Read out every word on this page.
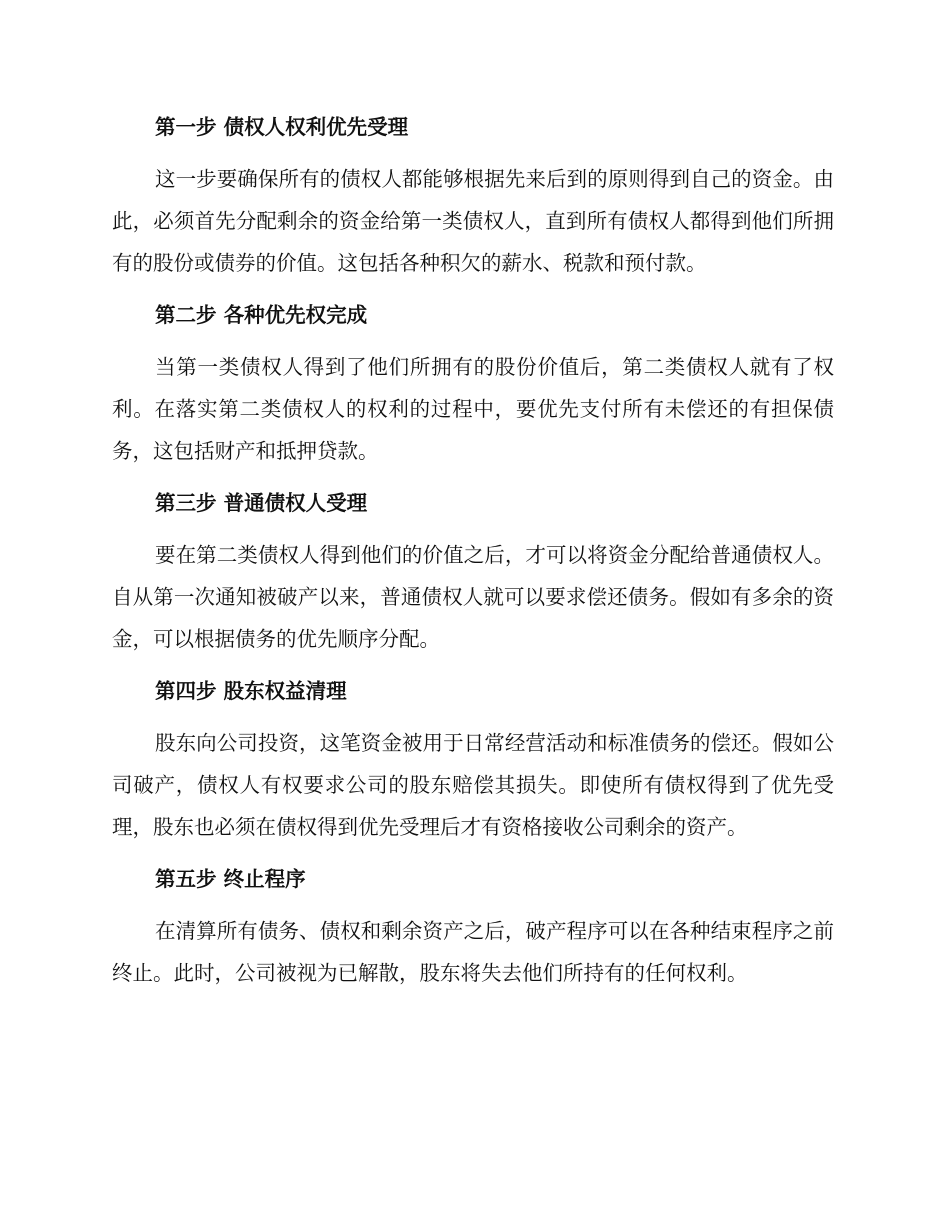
第一步 债权人权利优先受理

这一步要确保所有的债权人都能够根据先来后到的原则得到自己的资金。由此，必须首先分配剩余的资金给第一类债权人，直到所有债权人都得到他们所拥有的股份或债券的价值。这包括各种积欠的薪水、税款和预付款。

第二步 各种优先权完成

当第一类债权人得到了他们所拥有的股份价值后，第二类债权人就有了权利。在落实第二类债权人的权利的过程中，要优先支付所有未偿还的有担保债务，这包括财产和抵押贷款。

第三步 普通债权人受理

要在第二类债权人得到他们的价值之后，才可以将资金分配给普通债权人。自从第一次通知被破产以来，普通债权人就可以要求偿还债务。假如有多余的资金，可以根据债务的优先顺序分配。

第四步 股东权益清理

股东向公司投资，这笔资金被用于日常经营活动和标准债务的偿还。假如公司破产，债权人有权要求公司的股东赔偿其损失。即使所有债权得到了优先受理，股东也必须在债权得到优先受理后才有资格接收公司剩余的资产。

第五步 终止程序

在清算所有债务、债权和剩余资产之后，破产程序可以在各种结束程序之前终止。此时，公司被视为已解散，股东将失去他们所持有的任何权利。
